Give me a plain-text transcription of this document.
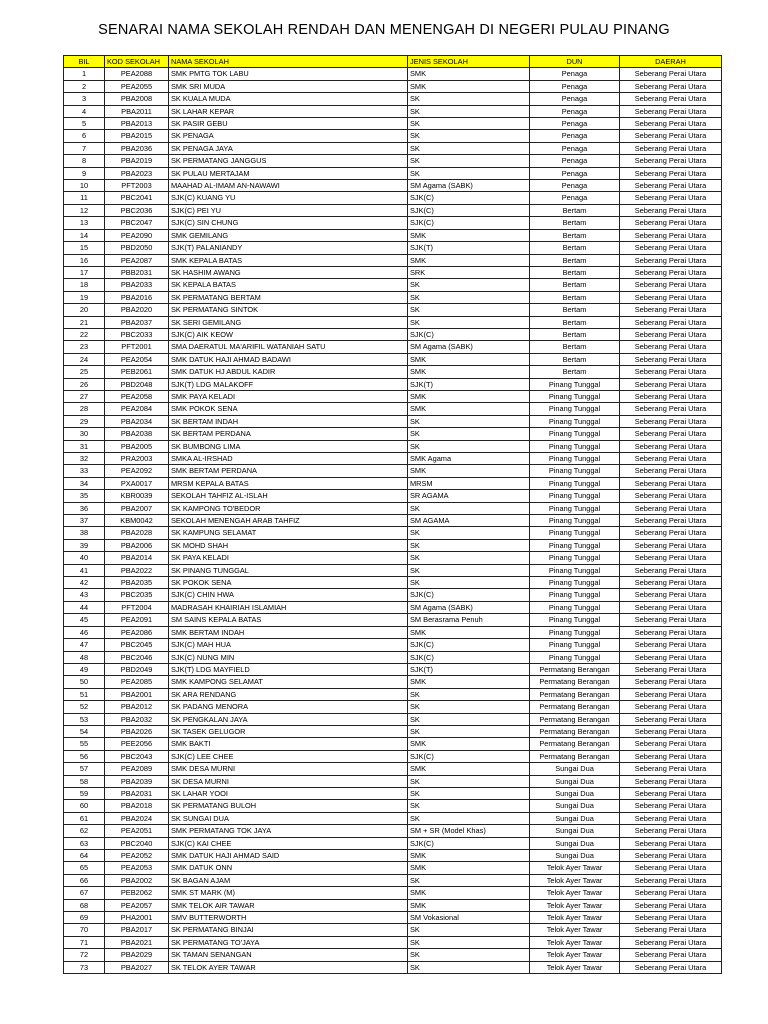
SENARAI NAMA SEKOLAH RENDAH DAN MENENGAH DI NEGERI PULAU PINANG
BIL	KOD SEKOLAH	NAMA SEKOLAH	JENIS SEKOLAH	DUN	DAERAH
1	PEA2088	SMK PMTG TOK LABU	SMK	Penaga	Seberang Perai Utara
2	PEA2055	SMK SRI MUDA	SMK	Penaga	Seberang Perai Utara
3	PBA2008	SK KUALA MUDA	SK	Penaga	Seberang Perai Utara
4	PBA2011	SK LAHAR KEPAR	SK	Penaga	Seberang Perai Utara
5	PBA2013	SK PASIR GEBU	SK	Penaga	Seberang Perai Utara
6	PBA2015	SK PENAGA	SK	Penaga	Seberang Perai Utara
7	PBA2036	SK PENAGA JAYA	SK	Penaga	Seberang Perai Utara
8	PBA2019	SK PERMATANG JANGGUS	SK	Penaga	Seberang Perai Utara
9	PBA2023	SK PULAU MERTAJAM	SK	Penaga	Seberang Perai Utara
10	PFT2003	MAAHAD AL-IMAM AN-NAWAWI	SM Agama (SABK)	Penaga	Seberang Perai Utara
11	PBC2041	SJK(C) KUANG YU	SJK(C)	Penaga	Seberang Perai Utara
12	PBC2036	SJK(C) PEI YU	SJK(C)	Bertam	Seberang Perai Utara
13	PBC2047	SJK(C) SIN CHUNG	SJK(C)	Bertam	Seberang Perai Utara
14	PEA2090	SMK GEMILANG	SMK	Bertam	Seberang Perai Utara
15	PBD2050	SJK(T) PALANIANDY	SJK(T)	Bertam	Seberang Perai Utara
16	PEA2087	SMK KEPALA BATAS	SMK	Bertam	Seberang Perai Utara
17	PBB2031	SK HASHIM AWANG	SRK	Bertam	Seberang Perai Utara
18	PBA2033	SK KEPALA BATAS	SK	Bertam	Seberang Perai Utara
19	PBA2016	SK PERMATANG BERTAM	SK	Bertam	Seberang Perai Utara
20	PBA2020	SK PERMATANG SINTOK	SK	Bertam	Seberang Perai Utara
21	PBA2037	SK SERI GEMILANG	SK	Bertam	Seberang Perai Utara
22	PBC2033	SJK(C) AIK KEOW	SJK(C)	Bertam	Seberang Perai Utara
23	PFT2001	SMA DAERATUL MA'ARIFIL WATANIAH SATU	SM Agama (SABK)	Bertam	Seberang Perai Utara
24	PEA2054	SMK DATUK HAJI AHMAD BADAWI	SMK	Bertam	Seberang Perai Utara
25	PEB2061	SMK DATUK HJ ABDUL KADIR	SMK	Bertam	Seberang Perai Utara
26	PBD2048	SJK(T) LDG MALAKOFF	SJK(T)	Pinang Tunggal	Seberang Perai Utara
27	PEA2058	SMK PAYA KELADI	SMK	Pinang Tunggal	Seberang Perai Utara
28	PEA2084	SMK POKOK SENA	SMK	Pinang Tunggal	Seberang Perai Utara
29	PBA2034	SK BERTAM INDAH	SK	Pinang Tunggal	Seberang Perai Utara
30	PBA2038	SK BERTAM PERDANA	SK	Pinang Tunggal	Seberang Perai Utara
31	PBA2005	SK BUMBONG LIMA	SK	Pinang Tunggal	Seberang Perai Utara
32	PRA2003	SMKA AL-IRSHAD	SMK Agama	Pinang Tunggal	Seberang Perai Utara
33	PEA2092	SMK BERTAM PERDANA	SMK	Pinang Tunggal	Seberang Perai Utara
34	PXA0017	MRSM KEPALA BATAS	MRSM	Pinang Tunggal	Seberang Perai Utara
35	KBR0039	SEKOLAH TAHFIZ AL-ISLAH	SR AGAMA	Pinang Tunggal	Seberang Perai Utara
36	PBA2007	SK KAMPONG TO'BEDOR	SK	Pinang Tunggal	Seberang Perai Utara
37	KBM0042	SEKOLAH MENENGAH ARAB TAHFIZ	SM AGAMA	Pinang Tunggal	Seberang Perai Utara
38	PBA2028	SK KAMPUNG SELAMAT	SK	Pinang Tunggal	Seberang Perai Utara
39	PBA2006	SK MOHD SHAH	SK	Pinang Tunggal	Seberang Perai Utara
40	PBA2014	SK PAYA KELADI	SK	Pinang Tunggal	Seberang Perai Utara
41	PBA2022	SK PINANG TUNGGAL	SK	Pinang Tunggal	Seberang Perai Utara
42	PBA2035	SK POKOK SENA	SK	Pinang Tunggal	Seberang Perai Utara
43	PBC2035	SJK(C) CHIN HWA	SJK(C)	Pinang Tunggal	Seberang Perai Utara
44	PFT2004	MADRASAH KHAIRIAH ISLAMIAH	SM Agama (SABK)	Pinang Tunggal	Seberang Perai Utara
45	PEA2091	SM SAINS KEPALA BATAS	SM Berasrama Penuh	Pinang Tunggal	Seberang Perai Utara
46	PEA2086	SMK BERTAM INDAH	SMK	Pinang Tunggal	Seberang Perai Utara
47	PBC2045	SJK(C) MAH HUA	SJK(C)	Pinang Tunggal	Seberang Perai Utara
48	PBC2046	SJK(C) NUNG MIN	SJK(C)	Pinang Tunggal	Seberang Perai Utara
49	PBD2049	SJK(T) LDG MAYFIELD	SJK(T)	Permatang Berangan	Seberang Perai Utara
50	PEA2085	SMK KAMPONG SELAMAT	SMK	Permatang Berangan	Seberang Perai Utara
51	PBA2001	SK ARA RENDANG	SK	Permatang Berangan	Seberang Perai Utara
52	PBA2012	SK PADANG MENORA	SK	Permatang Berangan	Seberang Perai Utara
53	PBA2032	SK PENGKALAN JAYA	SK	Permatang Berangan	Seberang Perai Utara
54	PBA2026	SK TASEK GELUGOR	SK	Permatang Berangan	Seberang Perai Utara
55	PEE2056	SMK BAKTI	SMK	Permatang Berangan	Seberang Perai Utara
56	PBC2043	SJK(C) LEE CHEE	SJK(C)	Permatang Berangan	Seberang Perai Utara
57	PEA2089	SMK DESA MURNI	SMK	Sungai Dua	Seberang Perai Utara
58	PBA2039	SK DESA MURNI	SK	Sungai Dua	Seberang Perai Utara
59	PBA2031	SK LAHAR YOOI	SK	Sungai Dua	Seberang Perai Utara
60	PBA2018	SK PERMATANG BULOH	SK	Sungai Dua	Seberang Perai Utara
61	PBA2024	SK SUNGAI DUA	SK	Sungai Dua	Seberang Perai Utara
62	PEA2051	SMK PERMATANG TOK JAYA	SM + SR (Model Khas)	Sungai Dua	Seberang Perai Utara
63	PBC2040	SJK(C) KAI CHEE	SJK(C)	Sungai Dua	Seberang Perai Utara
64	PEA2052	SMK DATUK HAJI AHMAD SAID	SMK	Sungai Dua	Seberang Perai Utara
65	PEA2053	SMK DATUK ONN	SMK	Telok Ayer Tawar	Seberang Perai Utara
66	PBA2002	SK BAGAN AJAM	SK	Telok Ayer Tawar	Seberang Perai Utara
67	PEB2062	SMK ST MARK (M)	SMK	Telok Ayer Tawar	Seberang Perai Utara
68	PEA2057	SMK TELOK AIR TAWAR	SMK	Telok Ayer Tawar	Seberang Perai Utara
69	PHA2001	SMV BUTTERWORTH	SM Vokasional	Telok Ayer Tawar	Seberang Perai Utara
70	PBA2017	SK PERMATANG BINJAI	SK	Telok Ayer Tawar	Seberang Perai Utara
71	PBA2021	SK PERMATANG TO'JAYA	SK	Telok Ayer Tawar	Seberang Perai Utara
72	PBA2029	SK TAMAN SENANGAN	SK	Telok Ayer Tawar	Seberang Perai Utara
73	PBA2027	SK TELOK AYER TAWAR	SK	Telok Ayer Tawar	Seberang Perai Utara
